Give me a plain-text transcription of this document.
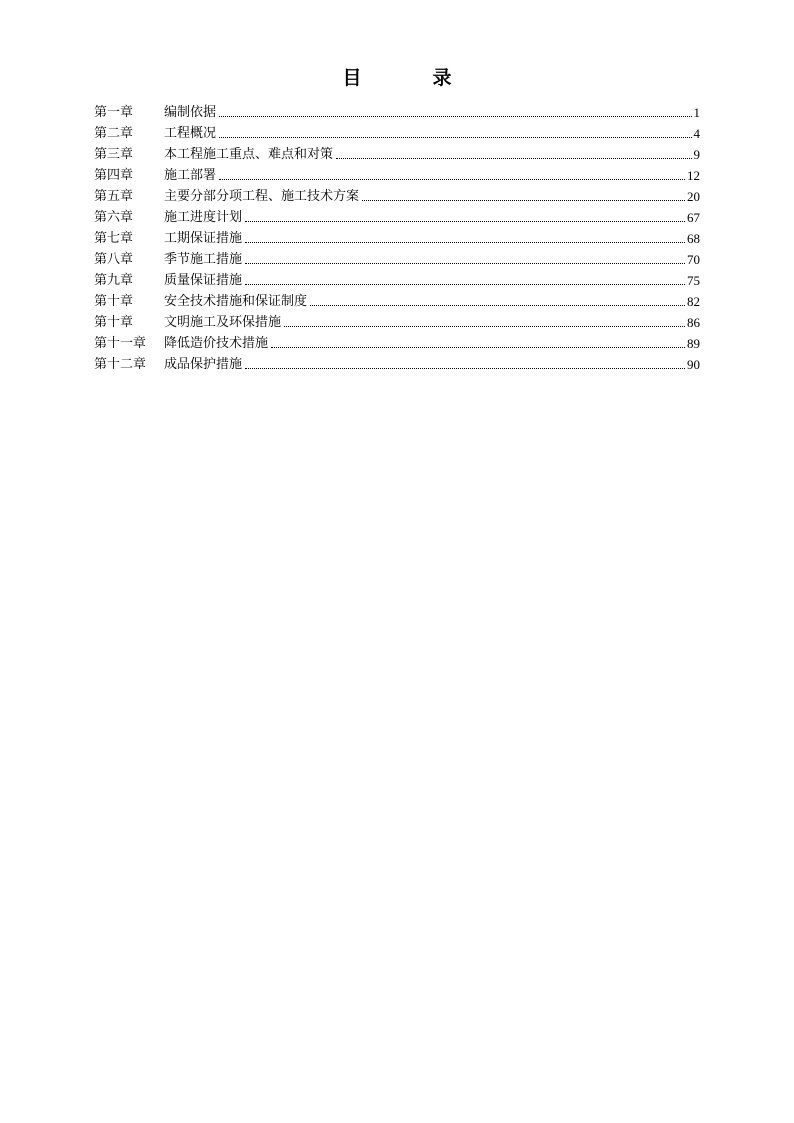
目　录
第一章	编制依据	1
第二章	工程概况	4
第三章	本工程施工重点、难点和对策	9
第四章	施工部署	12
第五章	主要分部分项工程、施工技术方案	20
第六章	施工进度计划	67
第七章	工期保证措施	68
第八章	季节施工措施	70
第九章	质量保证措施	75
第十章	安全技术措施和保证制度	82
第十章	文明施工及环保措施	86
第十一章	降低造价技术措施	89
第十二章	成品保护措施	90
